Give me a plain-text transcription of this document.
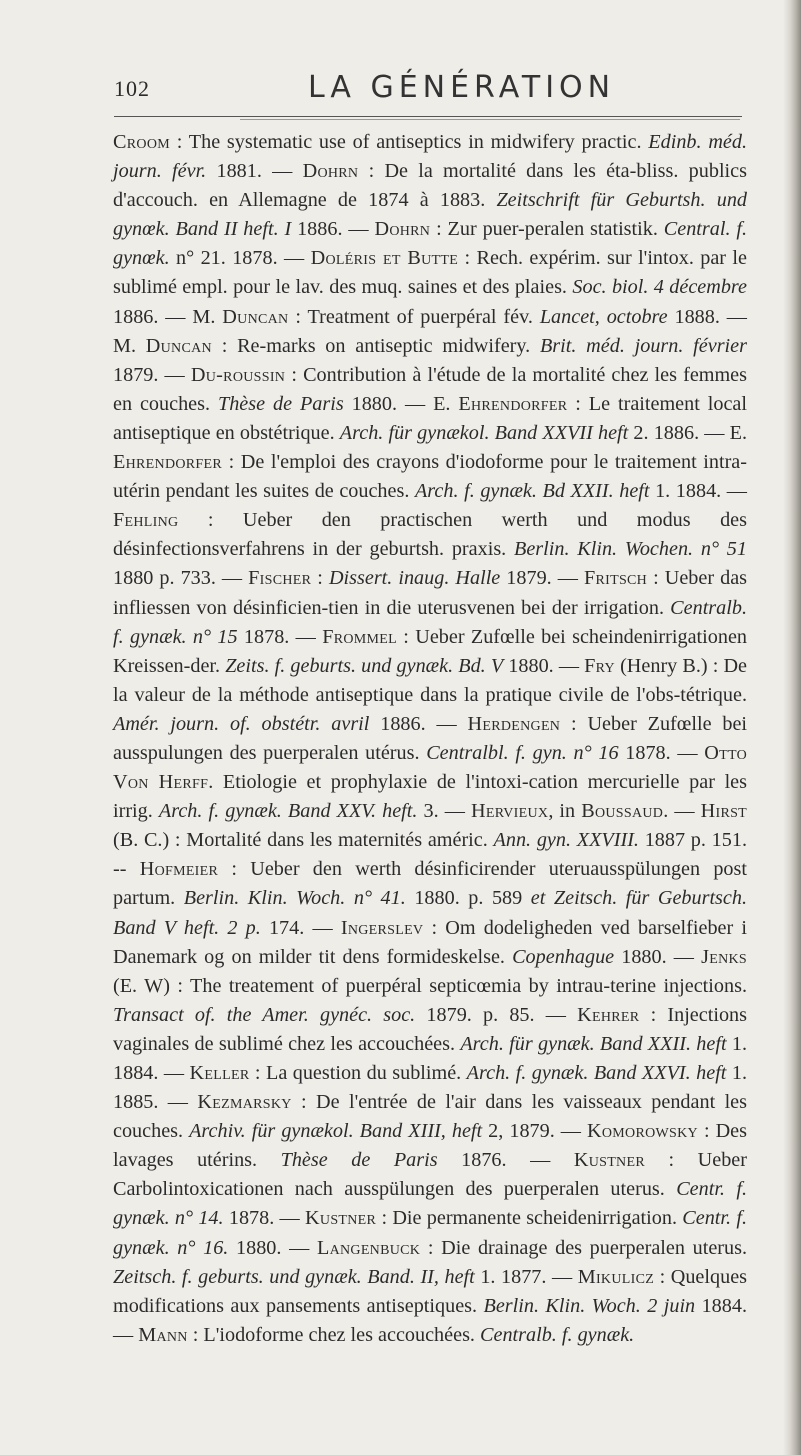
102	LA GÉNÉRATION

Croom : The systematic use of antiseptics in midwifery practic. Edinb. méd. journ. févr. 1881. — Dohrn : De la mortalité dans les éta-bliss. publics d'accouch. en Allemagne de 1874 à 1883. Zeitschrift für Geburtsh. und gynœk. Band II heft. I 1886. — Dohrn : Zur puer-peralen statistik. Central. f. gynœk. n° 21. 1878. — Doléris et Butte : Rech. expérim. sur l'intox. par le sublimé empl. pour le lav. des muq. saines et des plaies. Soc. biol. 4 décembre 1886. — M. Duncan : Treatment of puerpéral fév. Lancet, octobre 1888. — M. Duncan : Re-marks on antiseptic midwifery. Brit. méd. journ. février 1879. — Du-roussin : Contribution à l'étude de la mortalité chez les femmes en couches. Thèse de Paris 1880. — E. Ehrendorfer : Le traitement local antiseptique en obstétrique. Arch. für gynækol. Band XXVII heft 2. 1886. — E. Ehrendorfer : De l'emploi des crayons d'iodoforme pour le traitement intra-utérin pendant les suites de couches. Arch. f. gynæk. Bd XXII. heft 1. 1884. — Fehling : Ueber den practischen werth und modus des désinfectionsverfahrens in der geburtsh. praxis. Berlin. Klin. Wochen. n° 51 1880 p. 733. — Fischer : Dissert. inaug. Halle 1879. — Fritsch : Ueber das infliessen von désinficien-tien in die uterusvenen bei der irrigation. Centralb. f. gynæk. n° 15 1878. — Frommel : Ueber Zufœlle bei scheindenirrigationen Kreissen-der. Zeits. f. geburts. und gynæk. Bd. V 1880. — Fry (Henry B.) : De la valeur de la méthode antiseptique dans la pratique civile de l'obs-tétrique. Amér. journ. of. obstétr. avril 1886. — Herdengen : Ueber Zufœlle bei ausspulungen des puerperalen utérus. Centralbl. f. gyn. n° 16 1878. — Otto Von Herff. Etiologie et prophylaxie de l'intoxi-cation mercurielle par les irrig. Arch. f. gynæk. Band XXV. heft. 3. — Hervieux, in Boussaud. — Hirst (B. C.) : Mortalité dans les maternités améric. Ann. gyn. XXVIII. 1887 p. 151. -- Hofmeier : Ueber den werth désinficirender uteruausspülungen post partum. Berlin. Klin. Woch. n° 41. 1880. p. 589 et Zeitsch. für Geburtsch. Band V heft. 2 p. 174. — Ingerslev : Om dodeligheden ved barselfieber i Danemark og on milder tit dens formideskelse. Copenhague 1880. — Jenks (E. W) : The treatement of puerpéral septicœmia by intrau-terine injections. Transact of. the Amer. gynéc. soc. 1879. p. 85. — Kehrer : Injections vaginales de sublimé chez les accouchées. Arch. für gynæk. Band XXII. heft 1. 1884. — Keller : La question du sublimé. Arch. f. gynæk. Band XXVI. heft 1. 1885. — Kezmarsky : De l'entrée de l'air dans les vaisseaux pendant les couches. Archiv. für gynækol. Band XIII, heft 2, 1879. — Komorowsky : Des lavages utérins. Thèse de Paris 1876. — Kustner : Ueber Carbolintoxicationen nach ausspülungen des puerperalen uterus. Centr. f. gynæk. n° 14. 1878. — Kustner : Die permanente scheidenirrigation. Centr. f. gynæk. n° 16. 1880. — Langenbuck : Die drainage des puerperalen uterus. Zeitsch. f. geburts. und gynæk. Band. II, heft 1. 1877. — Mikulicz : Quelques modifications aux pansements antiseptiques. Berlin. Klin. Woch. 2 juin 1884. — Mann : L'iodoforme chez les accouchées. Centralb. f. gynæk.
